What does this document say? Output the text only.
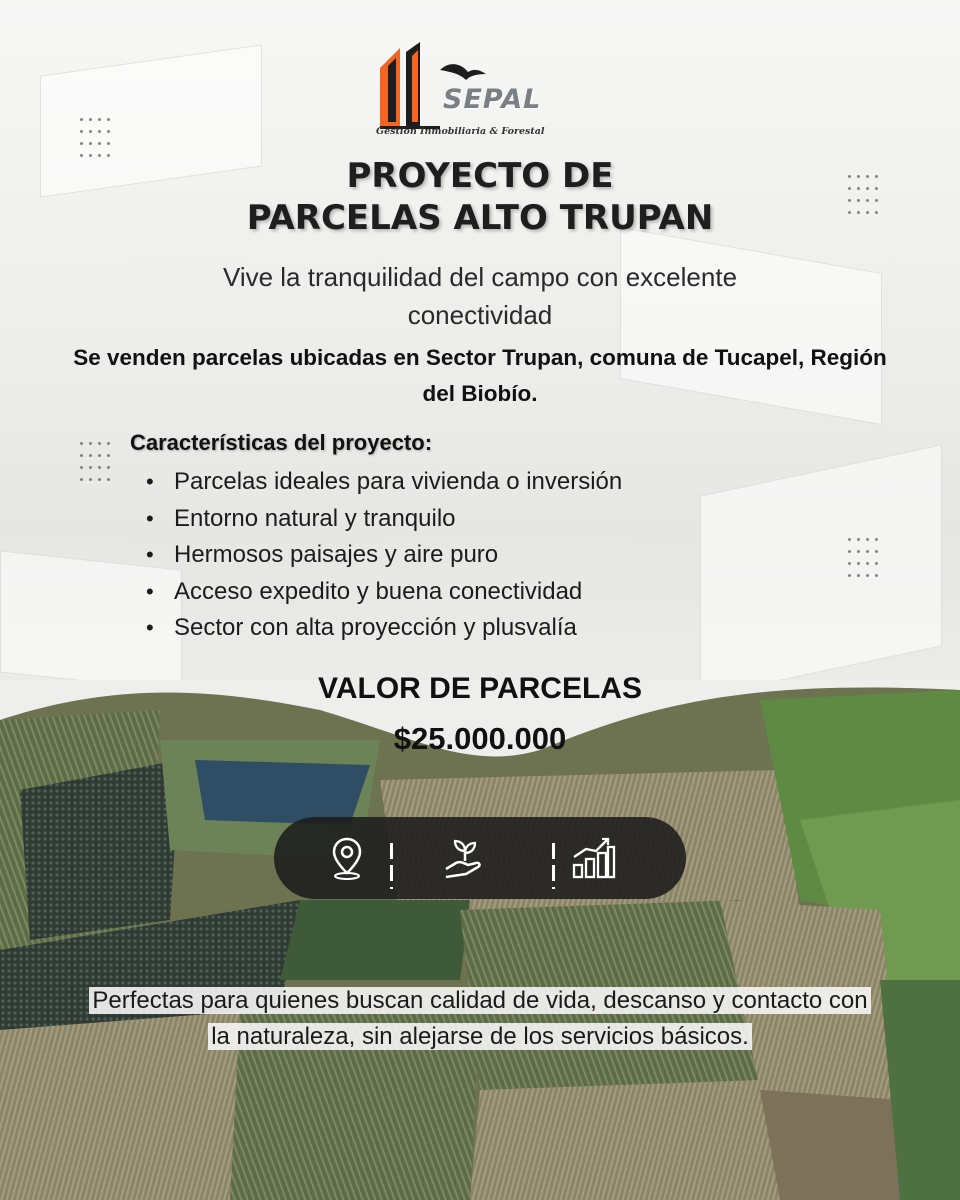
SEPAL
Gestión Inmobiliaria & Forestal
PROYECTO DE
PARCELAS ALTO TRUPAN
Vive la tranquilidad del campo con excelente conectividad
Se venden parcelas ubicadas en Sector Trupan, comuna de Tucapel, Región del Biobío.
Características del proyecto:
• Parcelas ideales para vivienda o inversión
• Entorno natural y tranquilo
• Hermosos paisajes y aire puro
• Acceso expedito y buena conectividad
• Sector con alta proyección y plusvalía
VALOR DE PARCELAS
$25.000.000
Perfectas para quienes buscan calidad de vida, descanso y contacto con la naturaleza, sin alejarse de los servicios básicos.
